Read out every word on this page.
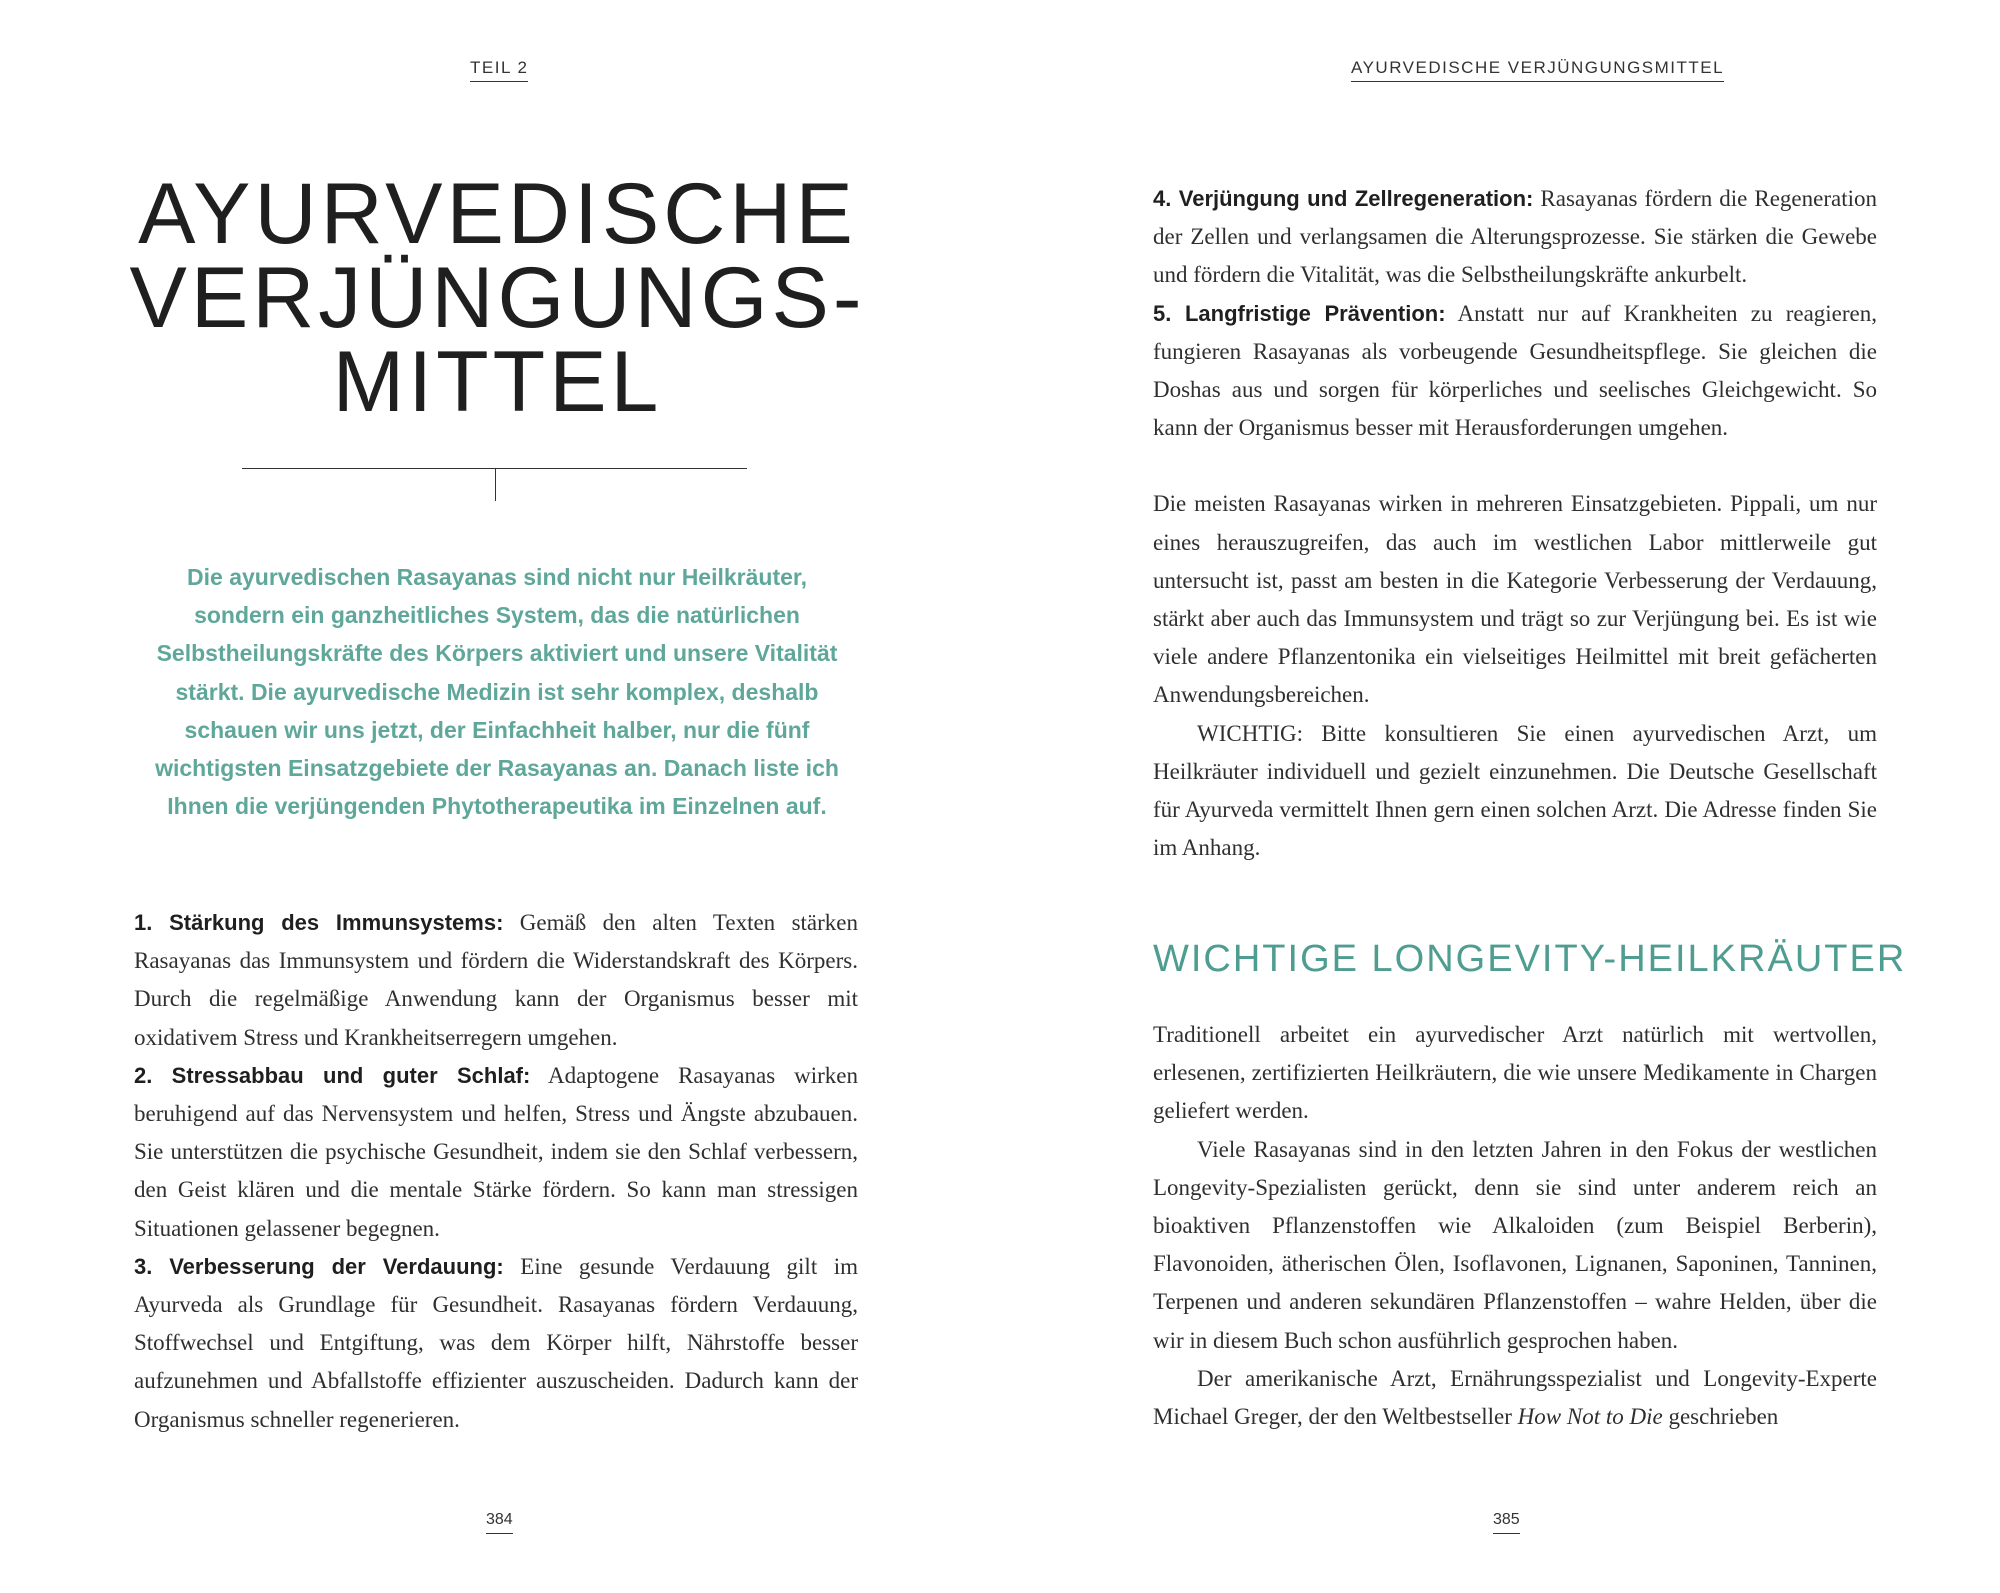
TEIL 2
AYURVEDISCHE
VERJÜNGUNGS-
MITTEL

Die ayurvedischen Rasayanas sind nicht nur Heilkräuter, sondern ein ganzheitliches System, das die natürlichen Selbstheilungskräfte des Körpers aktiviert und unsere Vitalität stärkt. Die ayurvedische Medizin ist sehr komplex, deshalb schauen wir uns jetzt, der Einfachheit halber, nur die fünf wichtigsten Einsatzgebiete der Rasayanas an. Danach liste ich Ihnen die verjüngenden Phytotherapeutika im Einzelnen auf.

1. Stärkung des Immunsystems: Gemäß den alten Texten stärken Rasayanas das Immunsystem und fördern die Widerstandskraft des Körpers. Durch die regelmäßige Anwendung kann der Organismus besser mit oxidativem Stress und Krankheitserregern umgehen.

2. Stressabbau und guter Schlaf: Adaptogene Rasayanas wirken beruhigend auf das Nervensystem und helfen, Stress und Ängste abzubauen. Sie unterstützen die psychische Gesundheit, indem sie den Schlaf verbessern, den Geist klären und die mentale Stärke fördern. So kann man stressigen Situationen gelassener begegnen.

3. Verbesserung der Verdauung: Eine gesunde Verdauung gilt im Ayurveda als Grundlage für Gesundheit. Rasayanas fördern Verdauung, Stoffwechsel und Entgiftung, was dem Körper hilft, Nährstoffe besser aufzunehmen und Abfallstoffe effizienter auszuscheiden. Dadurch kann der Organismus schneller regenerieren.

384
AYURVEDISCHE VERJÜNGUNGSMITTEL

4. Verjüngung und Zellregeneration: Rasayanas fördern die Regeneration der Zellen und verlangsamen die Alterungsprozesse. Sie stärken die Gewebe und fördern die Vitalität, was die Selbstheilungskräfte ankurbelt.

5. Langfristige Prävention: Anstatt nur auf Krankheiten zu reagieren, fungieren Rasayanas als vorbeugende Gesundheitspflege. Sie gleichen die Doshas aus und sorgen für körperliches und seelisches Gleichgewicht. So kann der Organismus besser mit Herausforderungen umgehen.

Die meisten Rasayanas wirken in mehreren Einsatzgebieten. Pippali, um nur eines herauszugreifen, das auch im westlichen Labor mittlerweile gut untersucht ist, passt am besten in die Kategorie Verbesserung der Verdauung, stärkt aber auch das Immunsystem und trägt so zur Verjüngung bei. Es ist wie viele andere Pflanzentonika ein vielseitiges Heilmittel mit breit gefächerten Anwendungsbereichen.

WICHTIG: Bitte konsultieren Sie einen ayurvedischen Arzt, um Heilkräuter individuell und gezielt einzunehmen. Die Deutsche Gesellschaft für Ayurveda vermittelt Ihnen gern einen solchen Arzt. Die Adresse finden Sie im Anhang.

WICHTIGE LONGEVITY-HEILKRÄUTER

Traditionell arbeitet ein ayurvedischer Arzt natürlich mit wertvollen, erlesenen, zertifizierten Heilkräutern, die wie unsere Medikamente in Chargen geliefert werden.

Viele Rasayanas sind in den letzten Jahren in den Fokus der westlichen Longevity-Spezialisten gerückt, denn sie sind unter anderem reich an bioaktiven Pflanzenstoffen wie Alkaloiden (zum Beispiel Berberin), Flavonoiden, ätherischen Ölen, Isoflavonen, Lignanen, Saponinen, Tanninen, Terpenen und anderen sekundären Pflanzenstoffen – wahre Helden, über die wir in diesem Buch schon ausführlich gesprochen haben.

Der amerikanische Arzt, Ernährungsspezialist und Longevity-Experte Michael Greger, der den Weltbestseller How Not to Die geschrieben

385
